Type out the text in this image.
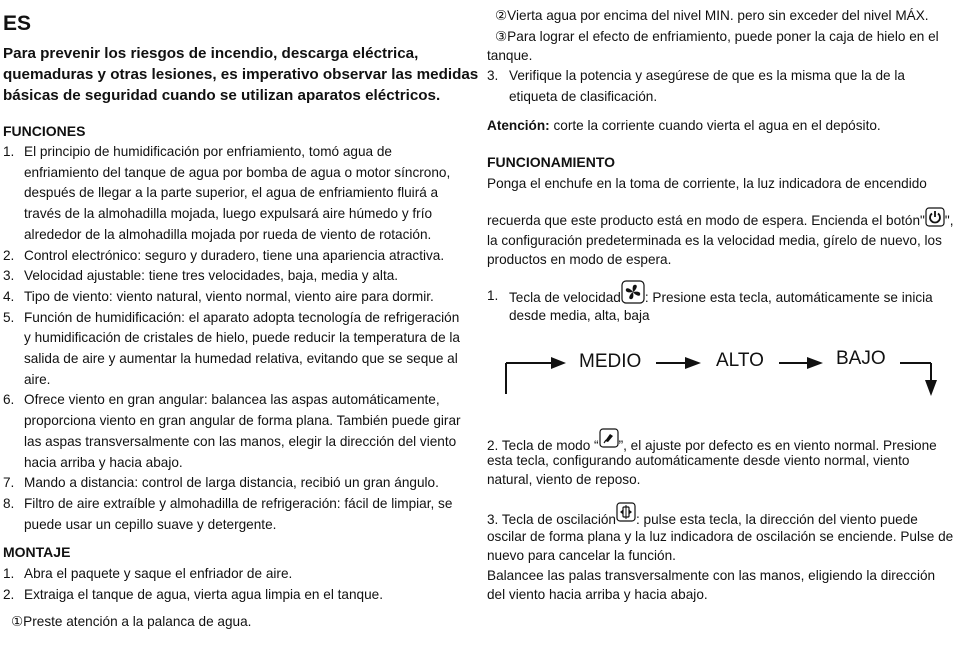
ES
Para prevenir los riesgos de incendio, descarga eléctrica,
quemaduras y otras lesiones, es imperativo observar las medidas
básicas de seguridad cuando se utilizan aparatos eléctricos.
FUNCIONES
1. El principio de humidificación por enfriamiento, tomó agua de
enfriamiento del tanque de agua por bomba de agua o motor síncrono,
después de llegar a la parte superior, el agua de enfriamiento fluirá a
través de la almohadilla mojada, luego expulsará aire húmedo y frío
alrededor de la almohadilla mojada por rueda de viento de rotación.
2. Control electrónico: seguro y duradero, tiene una apariencia atractiva.
3. Velocidad ajustable: tiene tres velocidades, baja, media y alta.
4. Tipo de viento: viento natural, viento normal, viento aire para dormir.
5. Función de humidificación: el aparato adopta tecnología de refrigeración
y humidificación de cristales de hielo, puede reducir la temperatura de la
salida de aire y aumentar la humedad relativa, evitando que se seque al
aire.
6. Ofrece viento en gran angular: balancea las aspas automáticamente,
proporciona viento en gran angular de forma plana. También puede girar
las aspas transversalmente con las manos, elegir la dirección del viento
hacia arriba y hacia abajo.
7. Mando a distancia: control de larga distancia, recibió un gran ángulo.
8. Filtro de aire extraíble y almohadilla de refrigeración: fácil de limpiar, se
puede usar un cepillo suave y detergente.
MONTAJE
1. Abra el paquete y saque el enfriador de aire.
2. Extraiga el tanque de agua, vierta agua limpia en el tanque.
①Preste atención a la palanca de agua.
②Vierta agua por encima del nivel MIN. pero sin exceder del nivel MÁX.
③Para lograr el efecto de enfriamiento, puede poner la caja de hielo en el
tanque.
3. Verifique la potencia y asegúrese de que es la misma que la de la
etiqueta de clasificación.
Atención: corte la corriente cuando vierta el agua en el depósito.
FUNCIONAMIENTO
Ponga el enchufe en la toma de corriente, la luz indicadora de encendido
recuerda que este producto está en modo de espera. Encienda el botón" ",
la configuración predeterminada es la velocidad media, gírelo de nuevo, los
productos en modo de espera.
1. Tecla de velocidad : Presione esta tecla, automáticamente se inicia
desde media, alta, baja
2. Tecla de modo “ ”, el ajuste por defecto es en viento normal. Presione
esta tecla, configurando automáticamente desde viento normal, viento
natural, viento de reposo.
3. Tecla de oscilación : pulse esta tecla, la dirección del viento puede
oscilar de forma plana y la luz indicadora de oscilación se enciende. Pulse de
nuevo para cancelar la función.
Balancee las palas transversalmente con las manos, eligiendo la dirección
del viento hacia arriba y hacia abajo.
MEDIO	ALTO	BAJO
